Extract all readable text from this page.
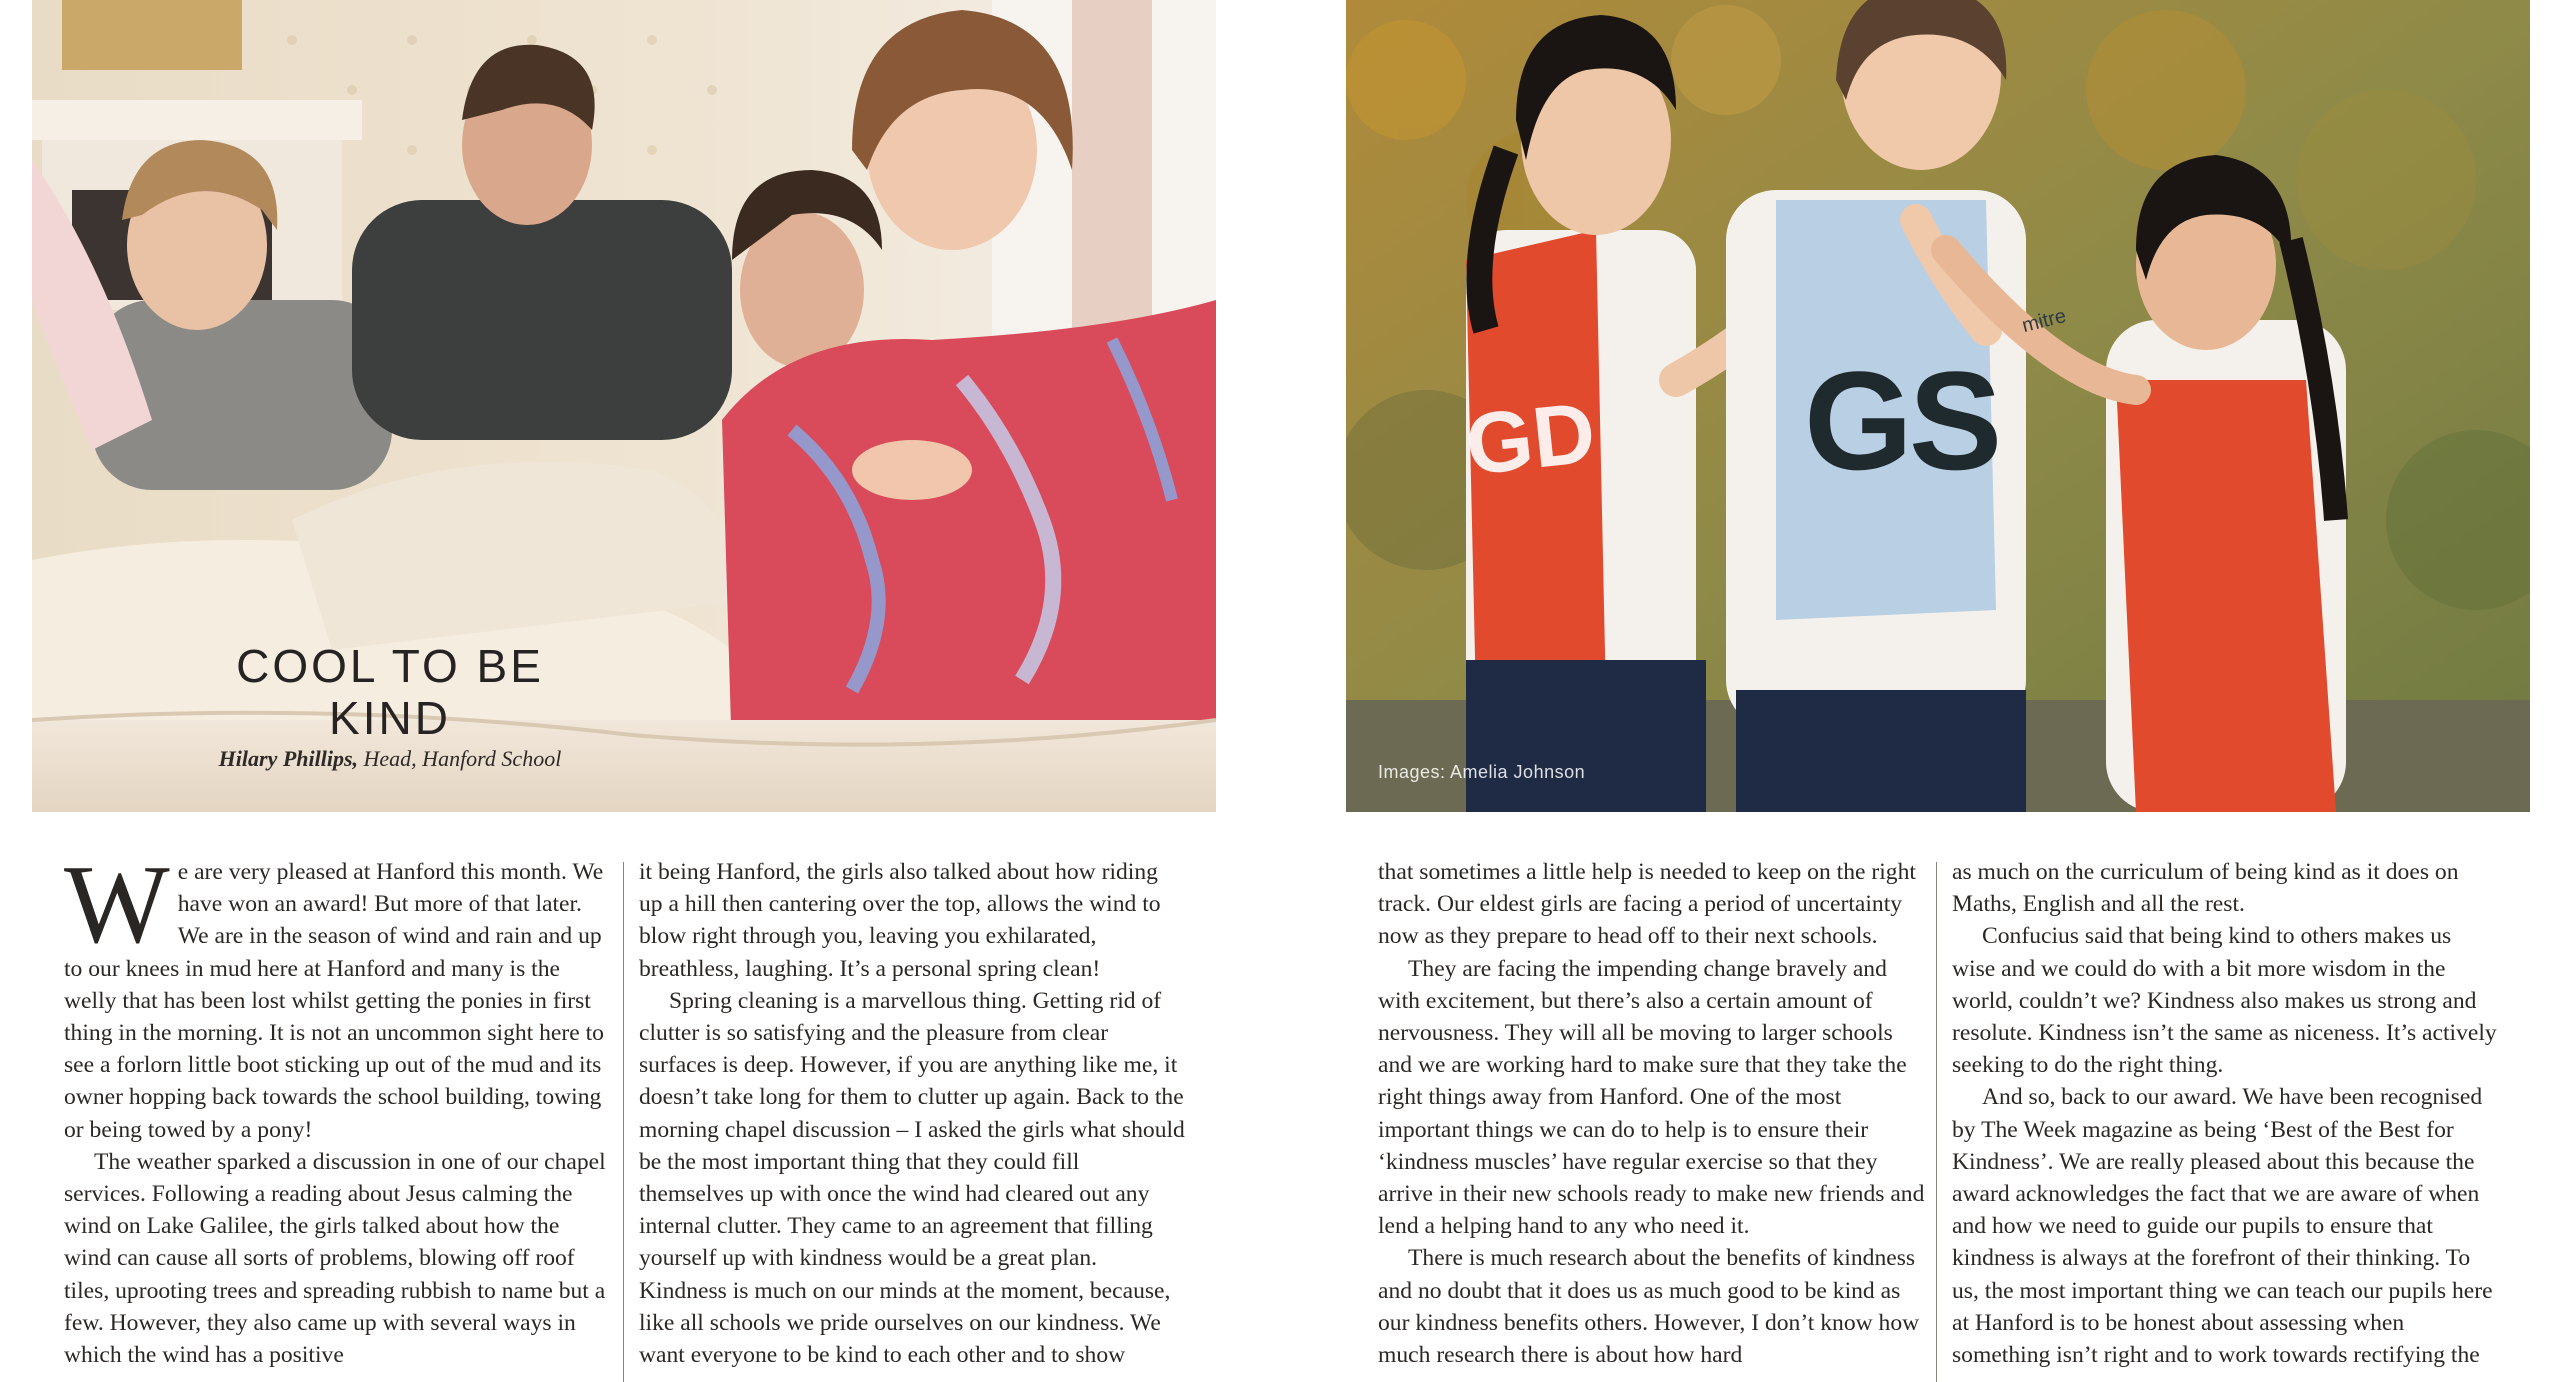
COOL TO BE KIND
Hilary Phillips, Head, Hanford School
GD GS
mitre
Images: Amelia Johnson

We are very pleased at Hanford this month. We have won an award! But more of that later. We are in the season of wind and rain and up to our knees in mud here at Hanford and many is the welly that has been lost whilst getting the ponies in first thing in the morning. It is not an uncommon sight here to see a forlorn little boot sticking up out of the mud and its owner hopping back towards the school building, towing or being towed by a pony!

The weather sparked a discussion in one of our chapel services. Following a reading about Jesus calming the wind on Lake Galilee, the girls talked about how the wind can cause all sorts of problems, blowing off roof tiles, uprooting trees and spreading rubbish to name but a few. However, they also came up with several ways in which the wind has a positive

it being Hanford, the girls also talked about how riding up a hill then cantering over the top, allows the wind to blow right through you, leaving you exhilarated, breathless, laughing. It’s a personal spring clean!

Spring cleaning is a marvellous thing. Getting rid of clutter is so satisfying and the pleasure from clear surfaces is deep. However, if you are anything like me, it doesn’t take long for them to clutter up again. Back to the morning chapel discussion – I asked the girls what should be the most important thing that they could fill themselves up with once the wind had cleared out any internal clutter. They came to an agreement that filling yourself up with kindness would be a great plan. Kindness is much on our minds at the moment, because, like all schools we pride ourselves on our kindness. We want everyone to be kind to each other and to show

that sometimes a little help is needed to keep on the right track. Our eldest girls are facing a period of uncertainty now as they prepare to head off to their next schools.

They are facing the impending change bravely and with excitement, but there’s also a certain amount of nervousness. They will all be moving to larger schools and we are working hard to make sure that they take the right things away from Hanford. One of the most important things we can do to help is to ensure their ‘kindness muscles’ have regular exercise so that they arrive in their new schools ready to make new friends and lend a helping hand to any who need it.

There is much research about the benefits of kindness and no doubt that it does us as much good to be kind as our kindness benefits others. However, I don’t know how much research there is about how hard

as much on the curriculum of being kind as it does on Maths, English and all the rest.

Confucius said that being kind to others makes us wise and we could do with a bit more wisdom in the world, couldn’t we? Kindness also makes us strong and resolute. Kindness isn’t the same as niceness. It’s actively seeking to do the right thing.

And so, back to our award. We have been recognised by The Week magazine as being ‘Best of the Best for Kindness’. We are really pleased about this because the award acknowledges the fact that we are aware of when and how we need to guide our pupils to ensure that kindness is always at the forefront of their thinking. To us, the most important thing we can teach our pupils here at Hanford is to be honest about assessing when something isn’t right and to work towards rectifying the
